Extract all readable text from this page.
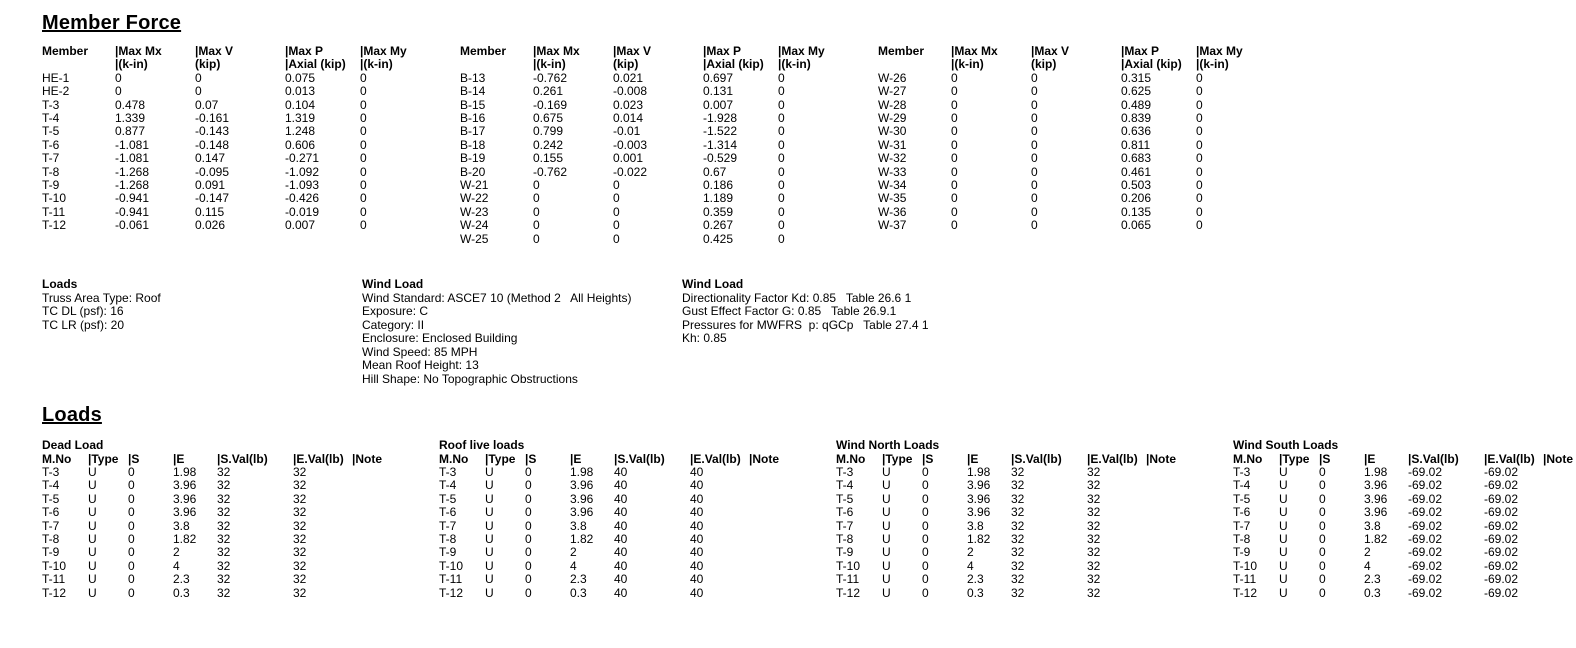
Member Force
Member	|Max Mx	|Max V	|Max P	|Max My
	|(k-in)	(kip)	|Axial (kip)	|(k-in)
HE-1	0	0	0.075	0
HE-2	0	0	0.013	0
T-3	0.478	0.07	0.104	0
T-4	1.339	-0.161	1.319	0
T-5	0.877	-0.143	1.248	0
T-6	-1.081	-0.148	0.606	0
T-7	-1.081	0.147	-0.271	0
T-8	-1.268	-0.095	-1.092	0
T-9	-1.268	0.091	-1.093	0
T-10	-0.941	-0.147	-0.426	0
T-11	-0.941	0.115	-0.019	0
T-12	-0.061	0.026	0.007	0
Member	|Max Mx	|Max V	|Max P	|Max My
	|(k-in)	(kip)	|Axial (kip)	|(k-in)
B-13	-0.762	0.021	0.697	0
B-14	0.261	-0.008	0.131	0
B-15	-0.169	0.023	0.007	0
B-16	0.675	0.014	-1.928	0
B-17	0.799	-0.01	-1.522	0
B-18	0.242	-0.003	-1.314	0
B-19	0.155	0.001	-0.529	0
B-20	-0.762	-0.022	0.67	0
W-21	0	0	0.186	0
W-22	0	0	1.189	0
W-23	0	0	0.359	0
W-24	0	0	0.267	0
W-25	0	0	0.425	0
Member	|Max Mx	|Max V	|Max P	|Max My
	|(k-in)	(kip)	|Axial (kip)	|(k-in)
W-26	0	0	0.315	0
W-27	0	0	0.625	0
W-28	0	0	0.489	0
W-29	0	0	0.839	0
W-30	0	0	0.636	0
W-31	0	0	0.811	0
W-32	0	0	0.683	0
W-33	0	0	0.461	0
W-34	0	0	0.503	0
W-35	0	0	0.206	0
W-36	0	0	0.135	0
W-37	0	0	0.065	0
Loads
Truss Area Type: Roof
TC DL (psf): 16
TC LR (psf): 20
Wind Load
Wind Standard: ASCE7 10 (Method 2   All Heights)
Exposure: C
Category: II
Enclosure: Enclosed Building
Wind Speed: 85 MPH
Mean Roof Height: 13
Hill Shape: No Topographic Obstructions
Wind Load
Directionality Factor Kd: 0.85   Table 26.6 1
Gust Effect Factor G: 0.85   Table 26.9.1
Pressures for MWFRS  p: qGCp   Table 27.4 1
Kh: 0.85
Loads
Dead Load
M.No	|Type	|S	|E	|S.Val(lb)	|E.Val(lb)	|Note
T-3	U	0	1.98	32	32	
T-4	U	0	3.96	32	32	
T-5	U	0	3.96	32	32	
T-6	U	0	3.96	32	32	
T-7	U	0	3.8	32	32	
T-8	U	0	1.82	32	32	
T-9	U	0	2	32	32	
T-10	U	0	4	32	32	
T-11	U	0	2.3	32	32	
T-12	U	0	0.3	32	32	
Roof live loads
M.No	|Type	|S	|E	|S.Val(lb)	|E.Val(lb)	|Note
T-3	U	0	1.98	40	40	
T-4	U	0	3.96	40	40	
T-5	U	0	3.96	40	40	
T-6	U	0	3.96	40	40	
T-7	U	0	3.8	40	40	
T-8	U	0	1.82	40	40	
T-9	U	0	2	40	40	
T-10	U	0	4	40	40	
T-11	U	0	2.3	40	40	
T-12	U	0	0.3	40	40	
Wind North Loads
M.No	|Type	|S	|E	|S.Val(lb)	|E.Val(lb)	|Note
T-3	U	0	1.98	32	32	
T-4	U	0	3.96	32	32	
T-5	U	0	3.96	32	32	
T-6	U	0	3.96	32	32	
T-7	U	0	3.8	32	32	
T-8	U	0	1.82	32	32	
T-9	U	0	2	32	32	
T-10	U	0	4	32	32	
T-11	U	0	2.3	32	32	
T-12	U	0	0.3	32	32	
Wind South Loads
M.No	|Type	|S	|E	|S.Val(lb)	|E.Val(lb)	|Note
T-3	U	0	1.98	-69.02	-69.02	
T-4	U	0	3.96	-69.02	-69.02	
T-5	U	0	3.96	-69.02	-69.02	
T-6	U	0	3.96	-69.02	-69.02	
T-7	U	0	3.8	-69.02	-69.02	
T-8	U	0	1.82	-69.02	-69.02	
T-9	U	0	2	-69.02	-69.02	
T-10	U	0	4	-69.02	-69.02	
T-11	U	0	2.3	-69.02	-69.02	
T-12	U	0	0.3	-69.02	-69.02	
